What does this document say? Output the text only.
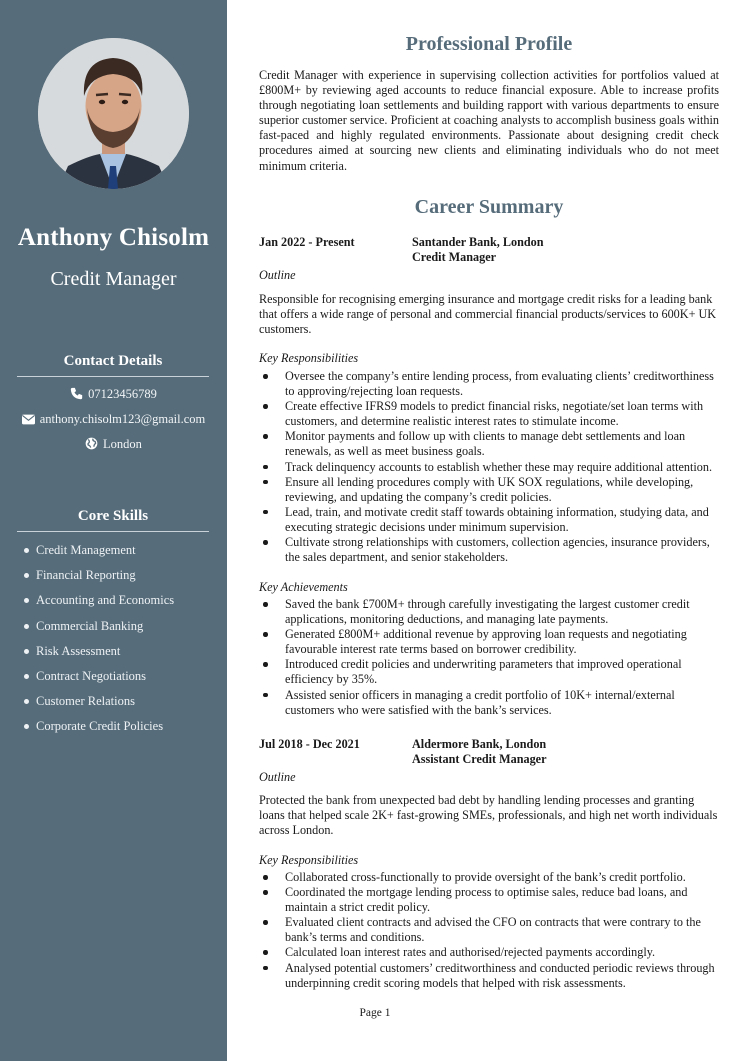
Anthony Chisolm
Credit Manager
Contact Details
07123456789
anthony.chisolm123@gmail.com
London
Core Skills
Credit Management
Financial Reporting
Accounting and Economics
Commercial Banking
Risk Assessment
Contract Negotiations
Customer Relations
Corporate Credit Policies
Professional Profile
Credit Manager with experience in supervising collection activities for portfolios valued at £800M+ by reviewing aged accounts to reduce financial exposure. Able to increase profits through negotiating loan settlements and building rapport with various departments to ensure superior customer service. Proficient at coaching analysts to accomplish business goals within fast-paced and highly regulated environments. Passionate about designing credit check procedures aimed at sourcing new clients and eliminating individuals who do not meet minimum criteria.
Career Summary
Jan 2022 - Present	Santander Bank, London
Credit Manager
Outline
Responsible for recognising emerging insurance and mortgage credit risks for a leading bank that offers a wide range of personal and commercial financial products/services to 600K+ UK customers.
Key Responsibilities
Oversee the company’s entire lending process, from evaluating clients’ creditworthiness to approving/rejecting loan requests.
Create effective IFRS9 models to predict financial risks, negotiate/set loan terms with customers, and determine realistic interest rates to stimulate income.
Monitor payments and follow up with clients to manage debt settlements and loan renewals, as well as meet business goals.
Track delinquency accounts to establish whether these may require additional attention.
Ensure all lending procedures comply with UK SOX regulations, while developing, reviewing, and updating the company’s credit policies.
Lead, train, and motivate credit staff towards obtaining information, studying data, and executing strategic decisions under minimum supervision.
Cultivate strong relationships with customers, collection agencies, insurance providers, the sales department, and senior stakeholders.
Key Achievements
Saved the bank £700M+ through carefully investigating the largest customer credit applications, monitoring deductions, and managing late payments.
Generated £800M+ additional revenue by approving loan requests and negotiating favourable interest rate terms based on borrower credibility.
Introduced credit policies and underwriting parameters that improved operational efficiency by 35%.
Assisted senior officers in managing a credit portfolio of 10K+ internal/external customers who were satisfied with the bank’s services.
Jul 2018 - Dec 2021	Aldermore Bank, London
Assistant Credit Manager
Outline
Protected the bank from unexpected bad debt by handling lending processes and granting loans that helped scale 2K+ fast-growing SMEs, professionals, and high net worth individuals across London.
Key Responsibilities
Collaborated cross-functionally to provide oversight of the bank’s credit portfolio.
Coordinated the mortgage lending process to optimise sales, reduce bad loans, and maintain a strict credit policy.
Evaluated client contracts and advised the CFO on contracts that were contrary to the bank’s terms and conditions.
Calculated loan interest rates and authorised/rejected payments accordingly.
Analysed potential customers’ creditworthiness and conducted periodic reviews through underpinning credit scoring models that helped with risk assessments.
Page 1
